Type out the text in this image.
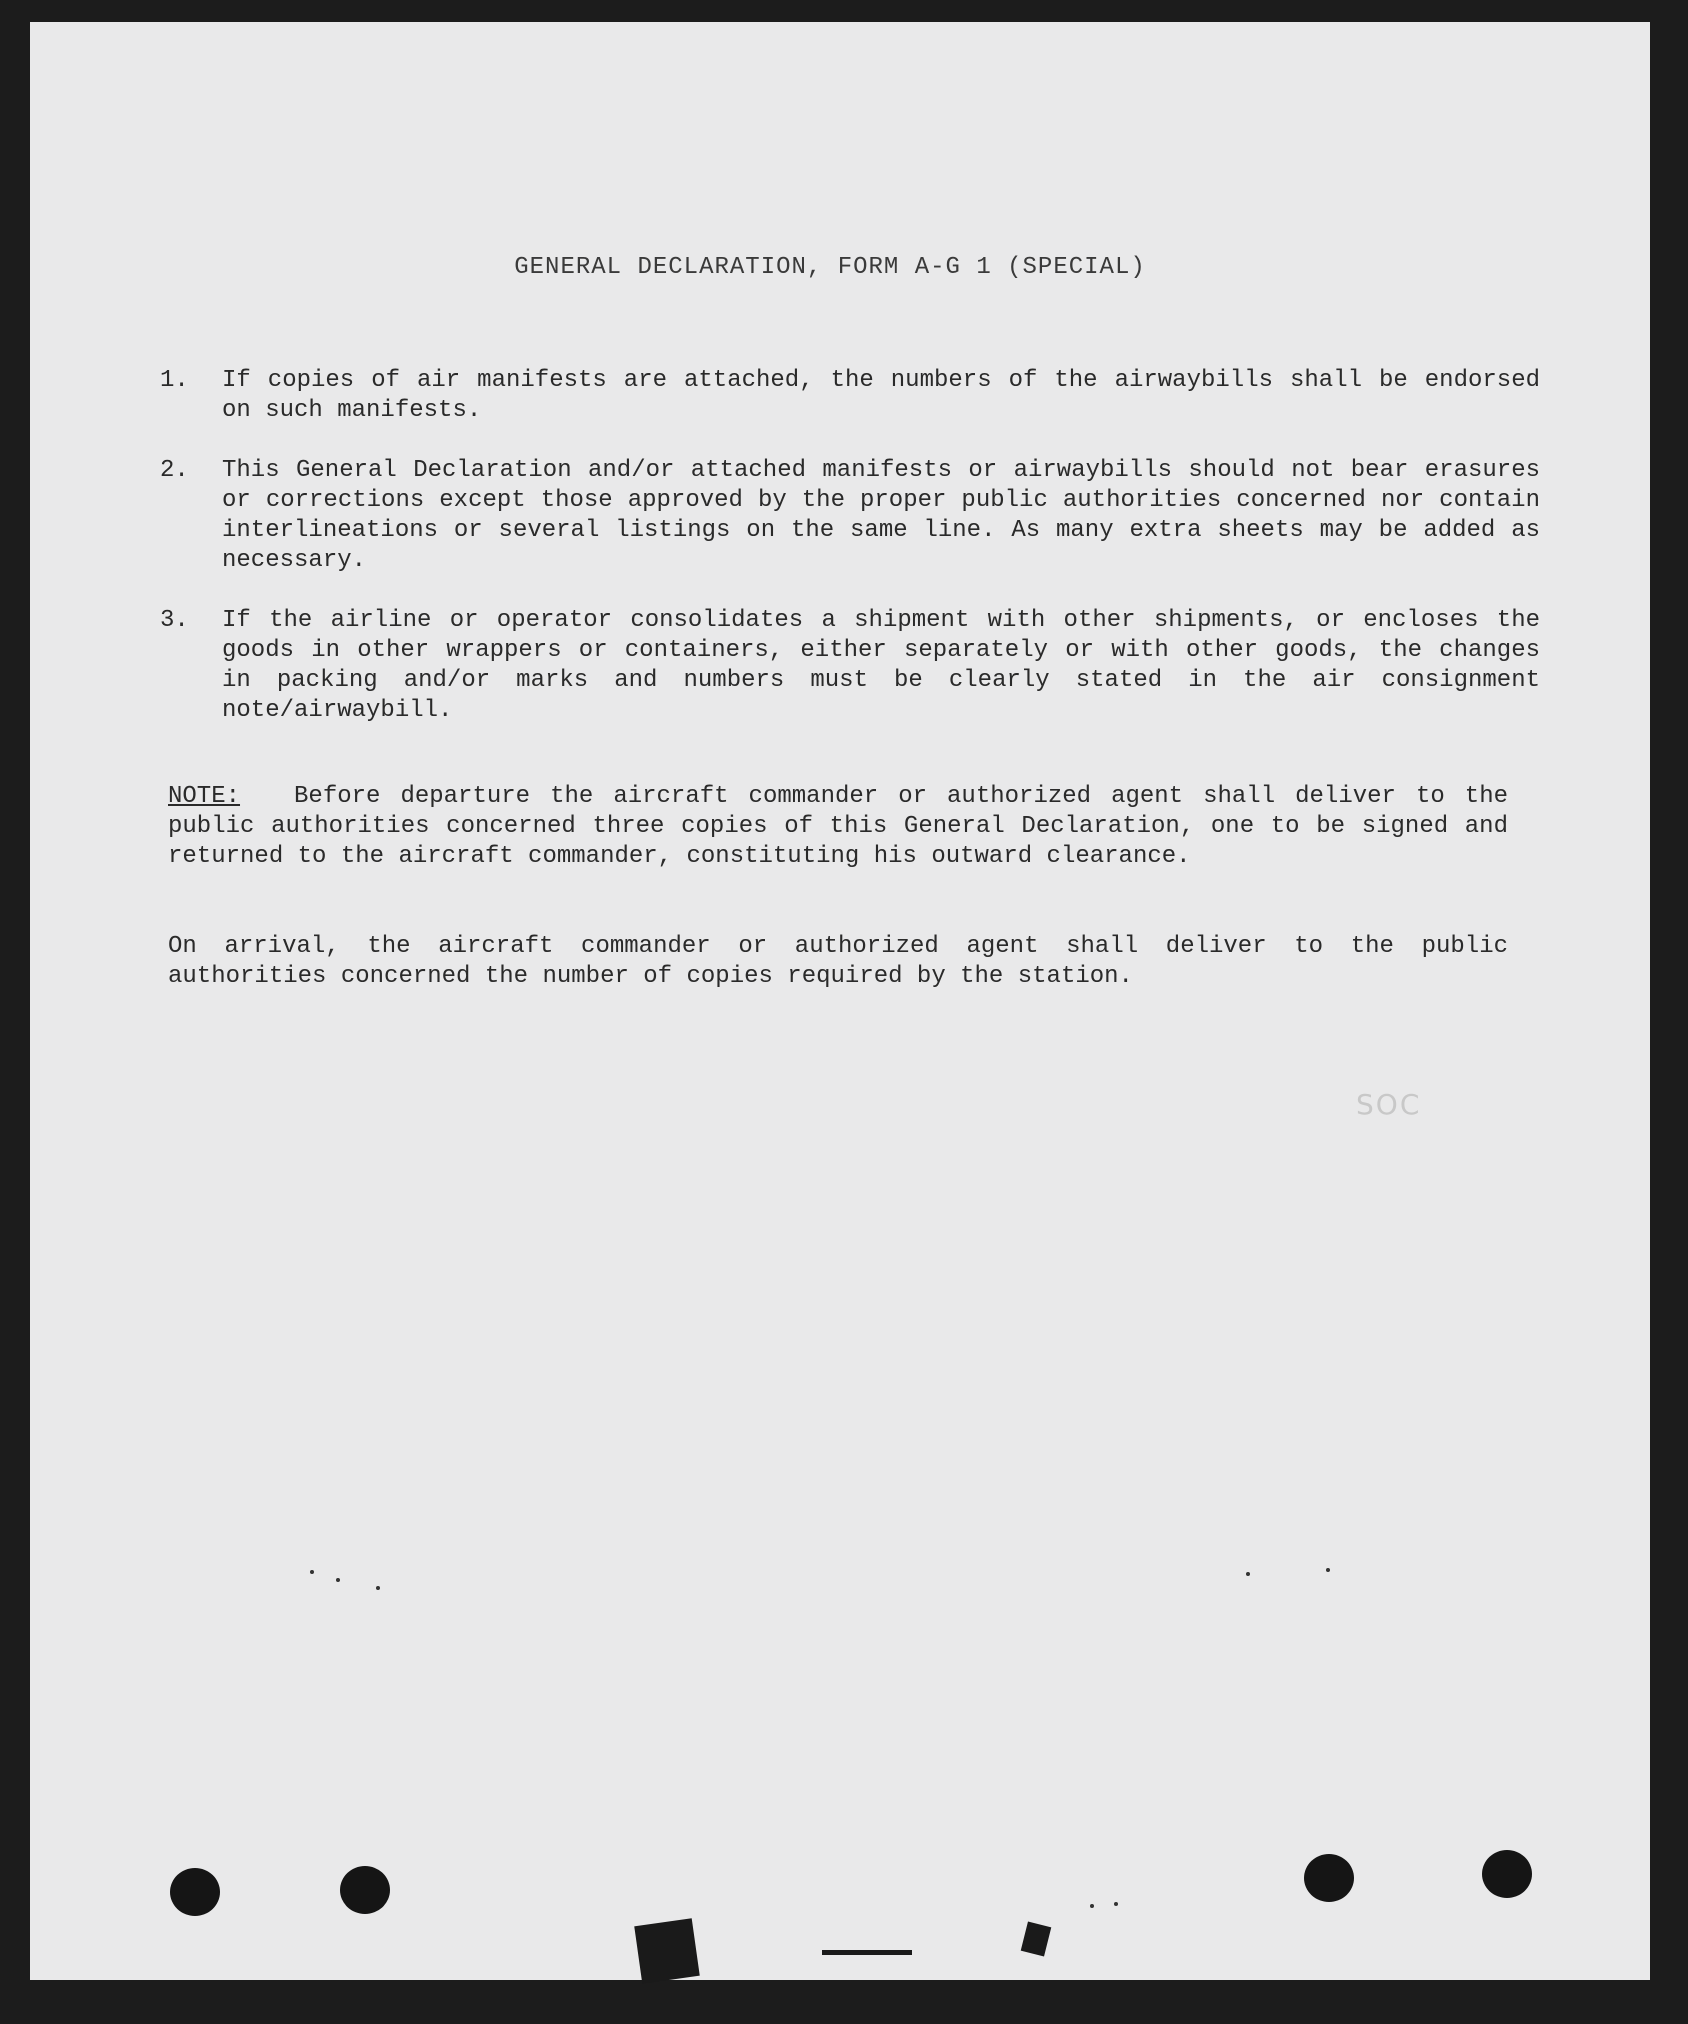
GENERAL DECLARATION, FORM A-G 1 (SPECIAL)
1.	If copies of air manifests are attached, the numbers of the airwaybills shall be endorsed on such manifests.
2.	This General Declaration and/or attached manifests or airwaybills should not bear erasures or corrections except those approved by the proper public authorities concerned nor contain interlineations or several listings on the same line. As many extra sheets may be added as necessary.
3.	If the airline or operator consolidates a shipment with other shipments, or encloses the goods in other wrappers or containers, either separately or with other goods, the changes in packing and/or marks and numbers must be clearly stated in the air consignment note/airwaybill.
NOTE: Before departure the aircraft commander or authorized agent shall deliver to the public authorities concerned three copies of this General Declaration, one to be signed and returned to the aircraft commander, constituting his outward clearance.
On arrival, the aircraft commander or authorized agent shall deliver to the public authorities concerned the number of copies required by the station.
SOC
